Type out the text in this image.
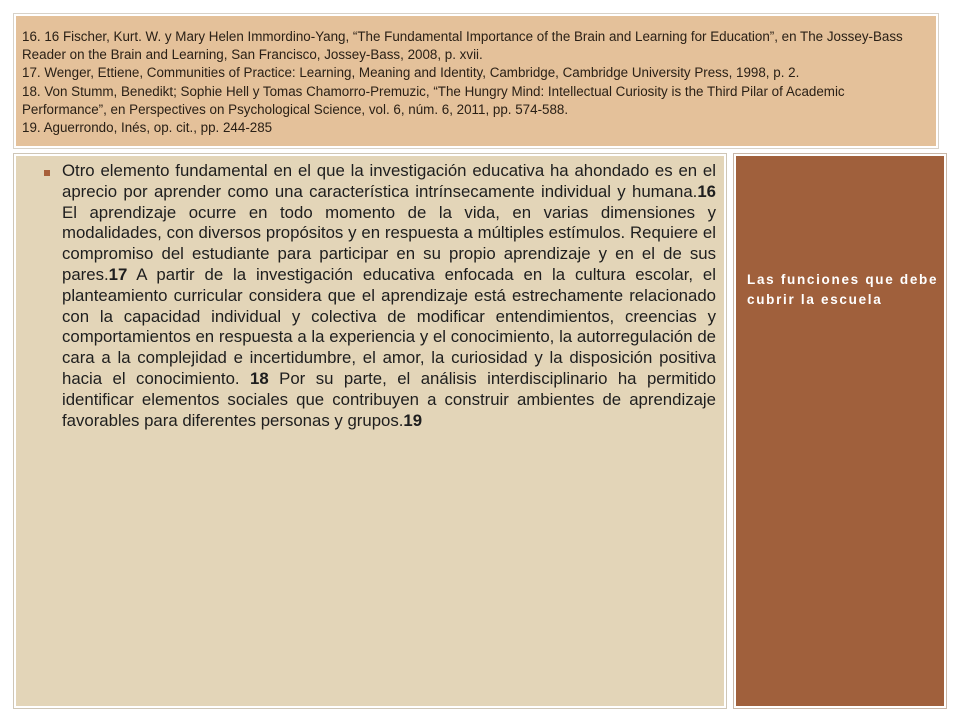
16. 16 Fischer, Kurt. W. y Mary Helen Immordino-Yang, “The Fundamental Importance of the Brain and Learning for Education”, en The Jossey-Bass Reader on the Brain and Learning, San Francisco, Jossey-Bass, 2008, p. xvii.

17. Wenger, Ettiene, Communities of Practice: Learning, Meaning and Identity, Cambridge, Cambridge University Press, 1998, p. 2.

18. Von Stumm, Benedikt; Sophie Hell y Tomas Chamorro-Premuzic, “The Hungry Mind: Intellectual Curiosity is the Third Pilar of Academic Performance”, en Perspectives on Psychological Science, vol. 6, núm. 6, 2011, pp. 574-588.

19. Aguerrondo, Inés, op. cit., pp. 244-285

Otro elemento fundamental en el que la investigación educativa ha ahondado es en el aprecio por aprender como una característica intrínsecamente individual y humana.16 El aprendizaje ocurre en todo momento de la vida, en varias dimensiones y modalidades, con diversos propósitos y en respuesta a múltiples estímulos. Requiere el compromiso del estudiante para participar en su propio aprendizaje y en el de sus pares.17 A partir de la investigación educativa enfocada en la cultura escolar, el planteamiento curricular considera que el aprendizaje está estrechamente relacionado con la capacidad individual y colectiva de modificar entendimientos, creencias y comportamientos en respuesta a la experiencia y el conocimiento, la autorregulación de cara a la complejidad e incertidumbre, el amor, la curiosidad y la disposición positiva hacia el conocimiento. 18 Por su parte, el análisis interdisciplinario ha permitido identificar elementos sociales que contribuyen a construir ambientes de aprendizaje favorables para diferentes personas y grupos.19

Las funciones que debe cubrir la escuela
